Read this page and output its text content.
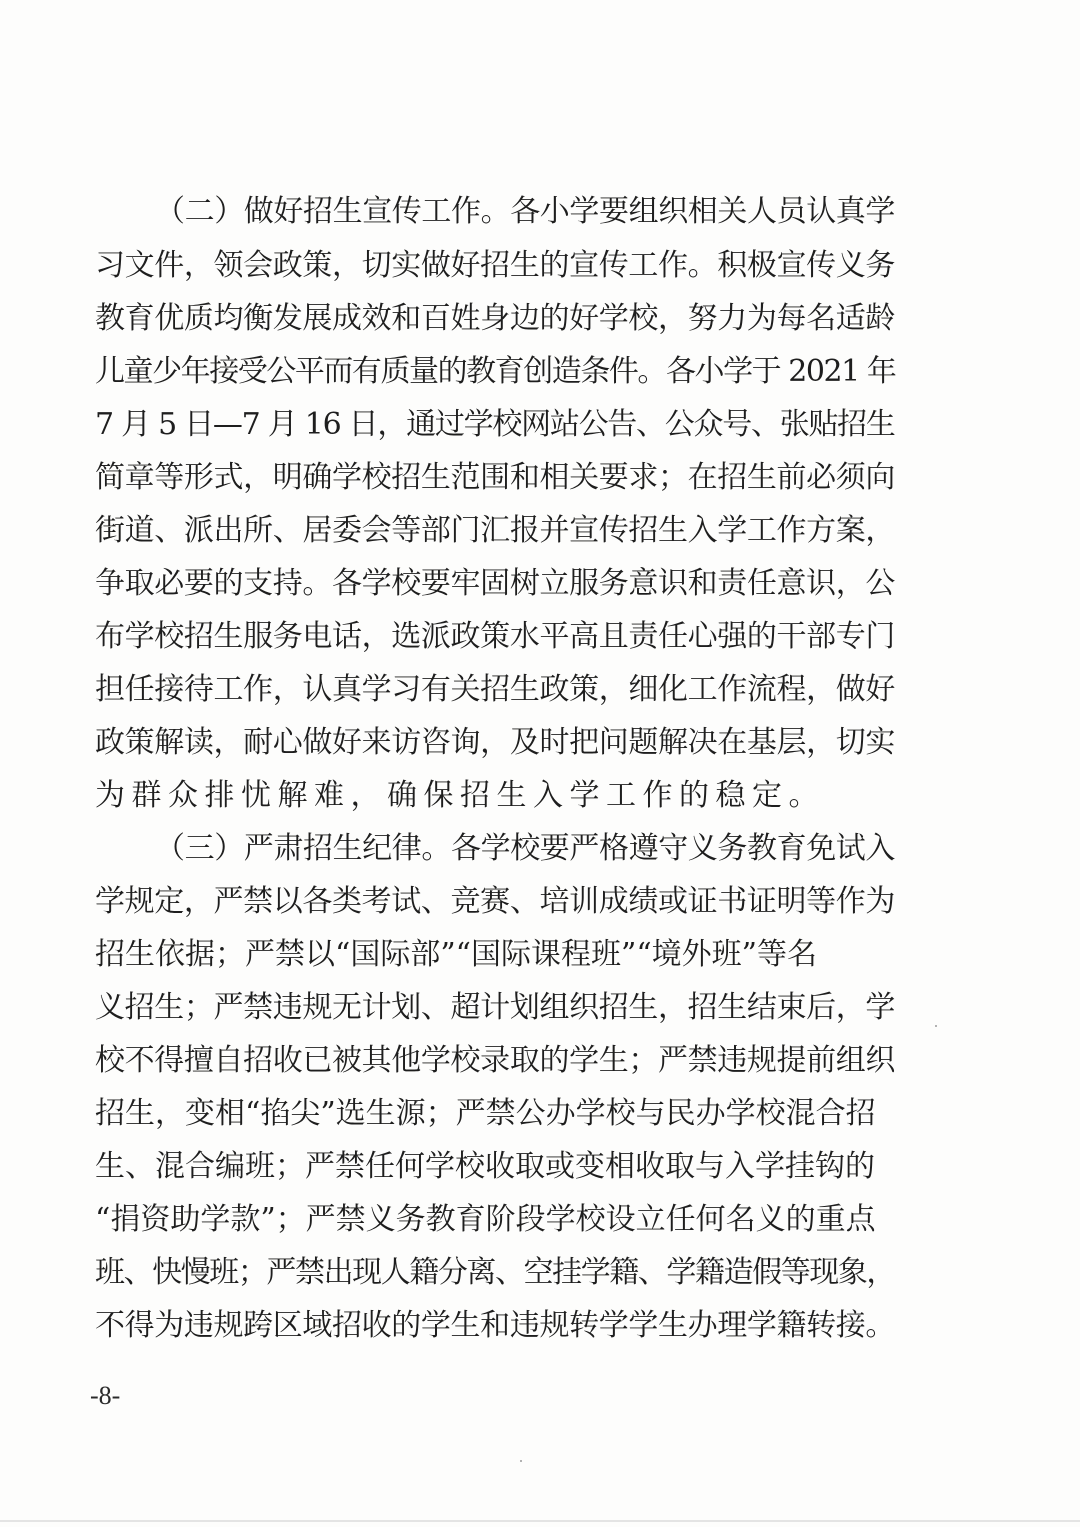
（二）做好招生宣传工作。各小学要组织相关人员认真学
习文件，领会政策，切实做好招生的宣传工作。积极宣传义务
教育优质均衡发展成效和百姓身边的好学校，努力为每名适龄
儿童少年接受公平而有质量的教育创造条件。各小学于 2021 年
7 月 5 日—7 月 16 日，通过学校网站公告、公众号、张贴招生
简章等形式，明确学校招生范围和相关要求；在招生前必须向
街道、派出所、居委会等部门汇报并宣传招生入学工作方案，
争取必要的支持。各学校要牢固树立服务意识和责任意识，公
布学校招生服务电话，选派政策水平高且责任心强的干部专门
担任接待工作，认真学习有关招生政策，细化工作流程，做好
政策解读，耐心做好来访咨询，及时把问题解决在基层，切实
为群众排忧解难，确保招生入学工作的稳定。
（三）严肃招生纪律。各学校要严格遵守义务教育免试入
学规定，严禁以各类考试、竞赛、培训成绩或证书证明等作为
招生依据；严禁以“国际部”“国际课程班”“境外班”等名
义招生；严禁违规无计划、超计划组织招生，招生结束后，学
校不得擅自招收已被其他学校录取的学生；严禁违规提前组织
招生，变相“掐尖”选生源；严禁公办学校与民办学校混合招
生、混合编班；严禁任何学校收取或变相收取与入学挂钩的
“捐资助学款”；严禁义务教育阶段学校设立任何名义的重点
班、快慢班；严禁出现人籍分离、空挂学籍、学籍造假等现象，
不得为违规跨区域招收的学生和违规转学学生办理学籍转接。
-8-
